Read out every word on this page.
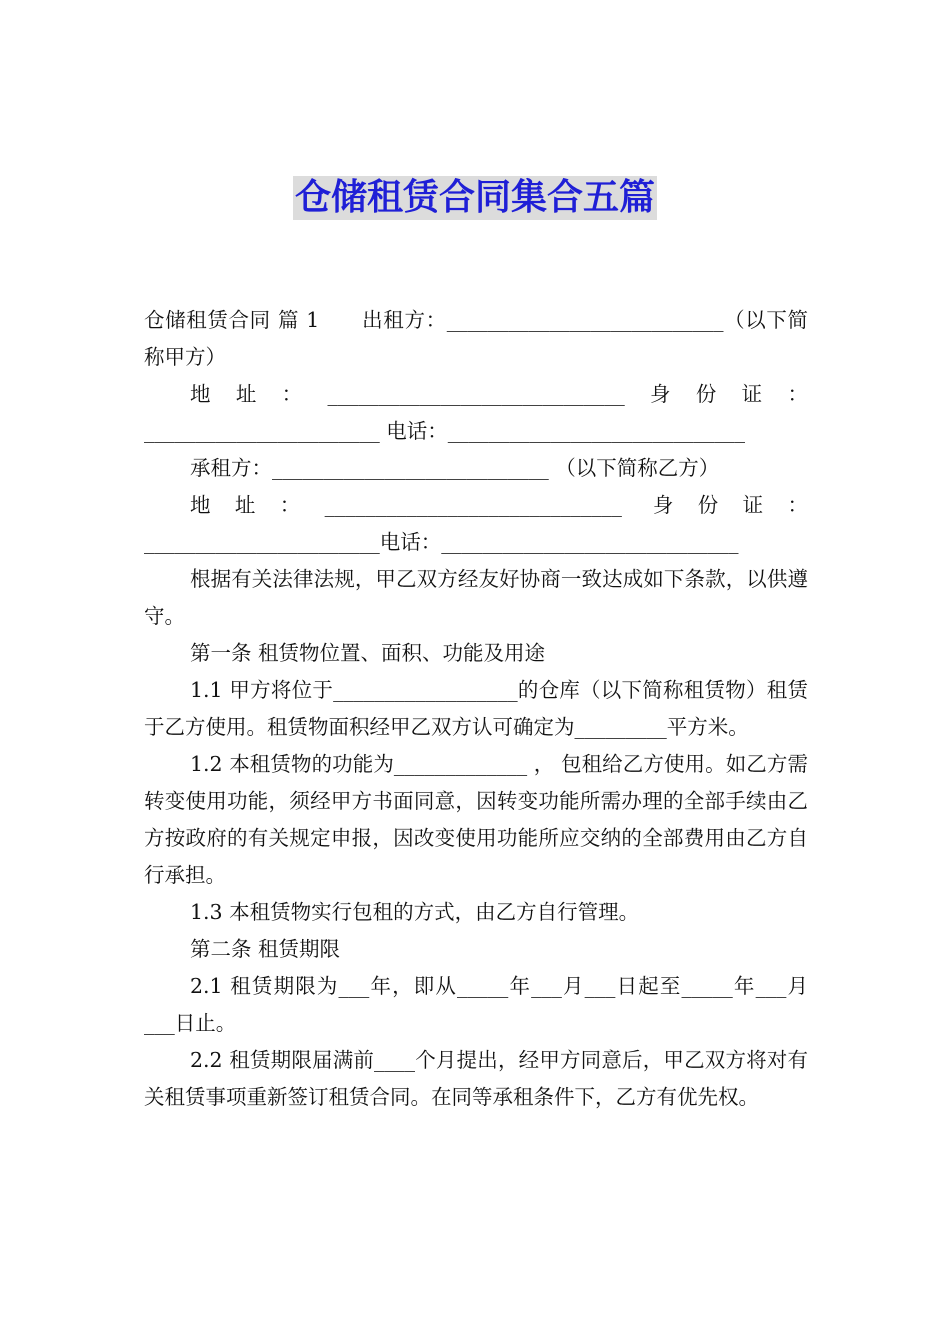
仓储租赁合同集合五篇

仓储租赁合同 篇 1　　出租方：___________________________（以下简称甲方）

地址：_____________________________身份证：_______________________ 电话：_____________________________

承租方：___________________________ （以下简称乙方）

地址：_____________________________ 身份证：_______________________电话：_____________________________

根据有关法律法规，甲乙双方经友好协商一致达成如下条款，以供遵守。

第一条 租赁物位置、面积、功能及用途

1.1 甲方将位于__________________的仓库（以下简称租赁物）租赁于乙方使用。租赁物面积经甲乙双方认可确定为_________平方米。

1.2 本租赁物的功能为_____________ ， 包租给乙方使用。如乙方需转变使用功能，须经甲方书面同意，因转变功能所需办理的全部手续由乙方按政府的有关规定申报，因改变使用功能所应交纳的全部费用由乙方自行承担。

1.3 本租赁物实行包租的方式，由乙方自行管理。

第二条 租赁期限

2.1 租赁期限为___年，即从_____年___月___日起至_____年___月___日止。

2.2 租赁期限届满前____个月提出，经甲方同意后，甲乙双方将对有关租赁事项重新签订租赁合同。在同等承租条件下，乙方有优先权。
